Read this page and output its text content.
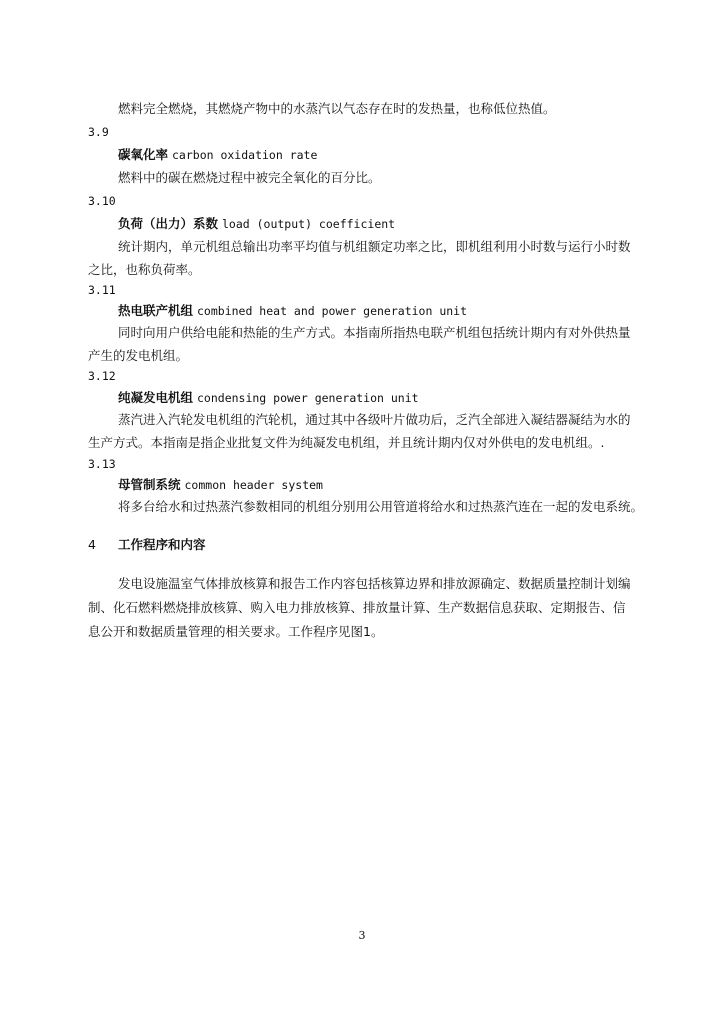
燃料完全燃烧，其燃烧产物中的水蒸汽以气态存在时的发热量，也称低位热值。
3.9
碳氧化率 carbon oxidation rate
燃料中的碳在燃烧过程中被完全氧化的百分比。
3.10
负荷（出力）系数 load (output) coefficient
统计期内，单元机组总输出功率平均值与机组额定功率之比，即机组利用小时数与运行小时数
之比，也称负荷率。
3.11
热电联产机组 combined heat and power generation unit
同时向用户供给电能和热能的生产方式。本指南所指热电联产机组包括统计期内有对外供热量
产生的发电机组。
3.12
纯凝发电机组 condensing power generation unit
蒸汽进入汽轮发电机组的汽轮机，通过其中各级叶片做功后，乏汽全部进入凝结器凝结为水的
生产方式。本指南是指企业批复文件为纯凝发电机组，并且统计期内仅对外供电的发电机组。.
3.13
母管制系统 common header system
将多台给水和过热蒸汽参数相同的机组分别用公用管道将给水和过热蒸汽连在一起的发电系统。
4 工作程序和内容
发电设施温室气体排放核算和报告工作内容包括核算边界和排放源确定、数据质量控制计划编
制、化石燃料燃烧排放核算、购入电力排放核算、排放量计算、生产数据信息获取、定期报告、信
息公开和数据质量管理的相关要求。工作程序见图1。
3
